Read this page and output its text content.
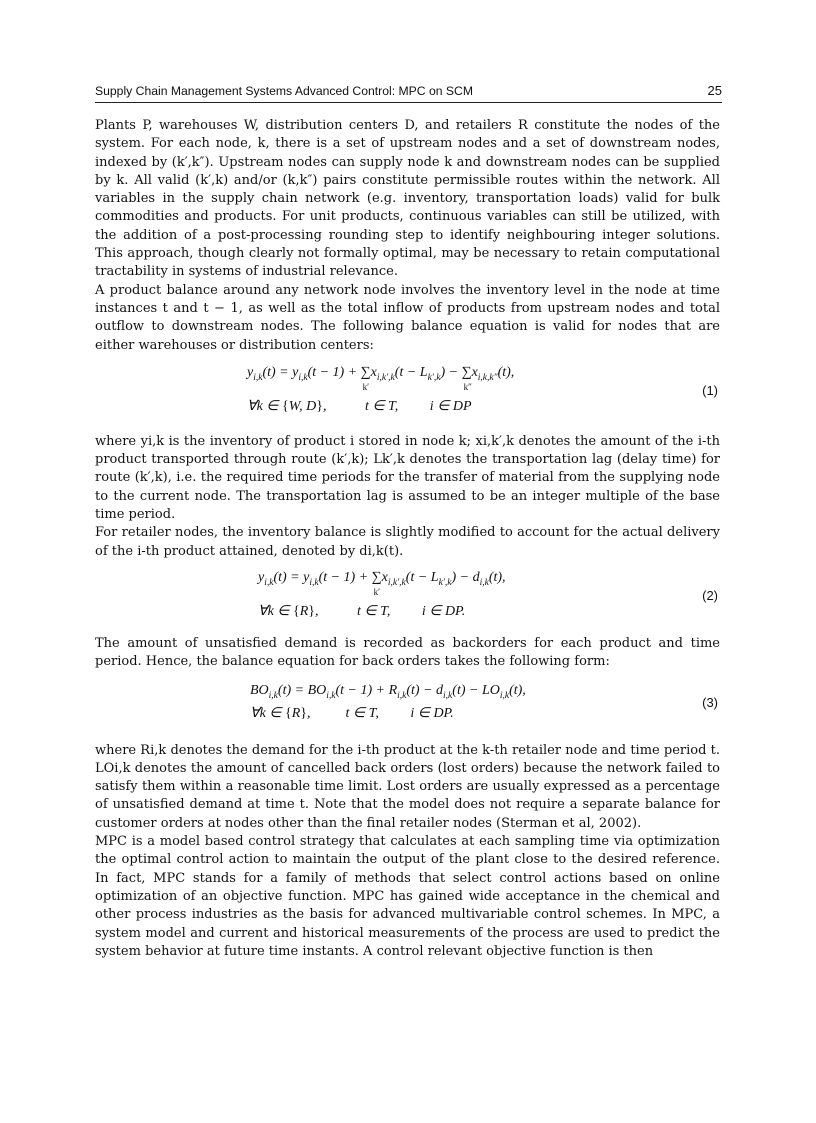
Supply Chain Management Systems Advanced Control: MPC on SCM	25

Plants P, warehouses W, distribution centers D, and retailers R constitute the nodes of the system. For each node, k, there is a set of upstream nodes and a set of downstream nodes, indexed by (k′,k″). Upstream nodes can supply node k and downstream nodes can be supplied by k. All valid (k′,k) and/or (k,k″) pairs constitute permissible routes within the network. All variables in the supply chain network (e.g. inventory, transportation loads) valid for bulk commodities and products. For unit products, continuous variables can still be utilized, with the addition of a post-processing rounding step to identify neighbouring integer solutions. This approach, though clearly not formally optimal, may be necessary to retain computational tractability in systems of industrial relevance.

A product balance around any network node involves the inventory level in the node at time instances t and t − 1, as well as the total inflow of products from upstream nodes and total outflow to downstream nodes. The following balance equation is valid for nodes that are either warehouses or distribution centers:

$y_{i,k}(t) = y_{i,k}(t - 1)$ + ∑
k′
$x_{i,k',k}(t - L_{k',k})$ − ∑
k″
$x_{i,k,k''}(t)$,
∀k ∈ {W, D},           t ∈ T,         i ∈ DP
(1)

where yi,k is the inventory of product i stored in node k; xi,k′,k denotes the amount of the i-th product transported through route (k′,k); Lk′,k denotes the transportation lag (delay time) for route (k′,k), i.e. the required time periods for the transfer of material from the supplying node to the current node. The transportation lag is assumed to be an integer multiple of the base time period.

For retailer nodes, the inventory balance is slightly modified to account for the actual delivery of the i-th product attained, denoted by di,k(t).

$y_{i,k}(t) = y_{i,k}(t - 1)$ + ∑
k′
$x_{i,k',k}(t - L_{k',k}) - d_{i,k}(t)$,
∀k ∈ {R},           t ∈ T,         i ∈ DP.
(2)

The amount of unsatisfied demand is recorded as backorders for each product and time period. Hence, the balance equation for back orders takes the following form:

$BO_{i,k}(t) = BO_{i,k}(t - 1) + R_{i,k}(t) - d_{i,k}(t) - LO_{i,k}(t)$,
∀k ∈ {R},          t ∈ T,         i ∈ DP.
(3)

where Ri,k denotes the demand for the i-th product at the k-th retailer node and time period t. LOi,k denotes the amount of cancelled back orders (lost orders) because the network failed to satisfy them within a reasonable time limit. Lost orders are usually expressed as a percentage of unsatisfied demand at time t. Note that the model does not require a separate balance for customer orders at nodes other than the final retailer nodes (Sterman et al, 2002).

MPC is a model based control strategy that calculates at each sampling time via optimization the optimal control action to maintain the output of the plant close to the desired reference. In fact, MPC stands for a family of methods that select control actions based on online optimization of an objective function. MPC has gained wide acceptance in the chemical and other process industries as the basis for advanced multivariable control schemes. In MPC, a system model and current and historical measurements of the process are used to predict the system behavior at future time instants. A control relevant objective function is then
